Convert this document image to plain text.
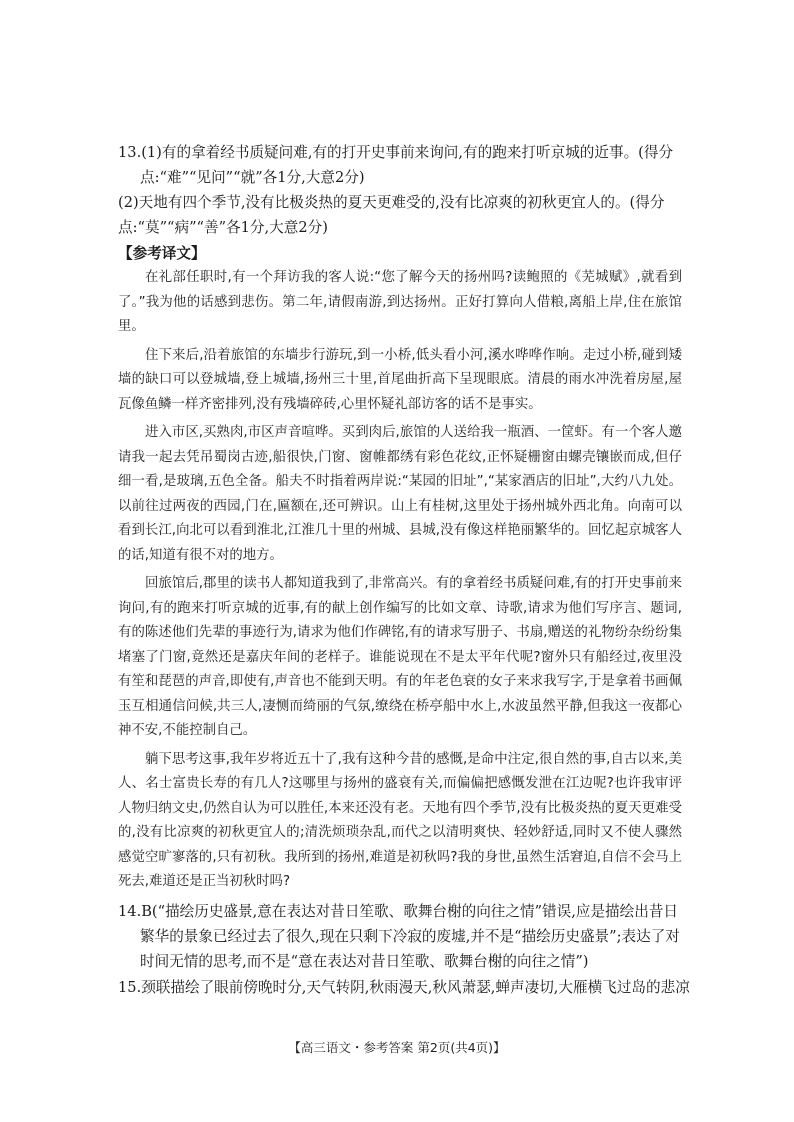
13.(1)有的拿着经书质疑问难,有的打开史事前来询问,有的跑来打听京城的近事。(得分点:“难”“见问”“就”各1分,大意2分)

(2)天地有四个季节,没有比极炎热的夏天更难受的,没有比凉爽的初秋更宜人的。(得分点:“莫”“病”“善”各1分,大意2分)

【参考译文】

在礼部任职时,有一个拜访我的客人说:“您了解今天的扬州吗?读鲍照的《芜城赋》,就看到了。”我为他的话感到悲伤。第二年,请假南游,到达扬州。正好打算向人借粮,离船上岸,住在旅馆里。

住下来后,沿着旅馆的东墙步行游玩,到一小桥,低头看小河,溪水哗哗作响。走过小桥,碰到矮墙的缺口可以登城墙,登上城墙,扬州三十里,首尾曲折高下呈现眼底。清晨的雨水冲洗着房屋,屋瓦像鱼鳞一样齐密排列,没有残墙碎砖,心里怀疑礼部访客的话不是事实。

进入市区,买熟肉,市区声音喧哗。买到肉后,旅馆的人送给我一瓶酒、一筐虾。有一个客人邀请我一起去凭吊蜀岗古迹,船很快,门窗、窗帷都绣有彩色花纹,正怀疑栅窗由螺壳镶嵌而成,但仔细一看,是玻璃,五色全备。船夫不时指着两岸说:“某园的旧址”,“某家酒店的旧址”,大约八九处。以前往过两夜的西园,门在,匾额在,还可辨识。山上有桂树,这里处于扬州城外西北角。向南可以看到长江,向北可以看到淮北,江淮几十里的州城、县城,没有像这样艳丽繁华的。回忆起京城客人的话,知道有很不对的地方。

回旅馆后,郡里的读书人都知道我到了,非常高兴。有的拿着经书质疑问难,有的打开史事前来询问,有的跑来打听京城的近事,有的献上创作编写的比如文章、诗歌,请求为他们写序言、题词,有的陈述他们先辈的事迹行为,请求为他们作碑铭,有的请求写册子、书扇,赠送的礼物纷杂纷纷集堵塞了门窗,竟然还是嘉庆年间的老样子。谁能说现在不是太平年代呢?窗外只有船经过,夜里没有笙和琵琶的声音,即使有,声音也不能到天明。有的年老色衰的女子来求我写字,于是拿着书画佩玉互相通信问候,共三人,凄恻而绮丽的气氛,缭绕在桥亭船中水上,水波虽然平静,但我这一夜都心神不安,不能控制自己。

躺下思考这事,我年岁将近五十了,我有这种今昔的感慨,是命中注定,很自然的事,自古以来,美人、名士富贵长寿的有几人?这哪里与扬州的盛衰有关,而偏偏把感慨发泄在江边呢?也许我审评人物归纳文史,仍然自认为可以胜任,本来还没有老。天地有四个季节,没有比极炎热的夏天更难受的,没有比凉爽的初秋更宜人的;清洗烦琐杂乱,而代之以清明爽快、轻妙舒适,同时又不使人骤然感觉空旷寥落的,只有初秋。我所到的扬州,难道是初秋吗?我的身世,虽然生活窘迫,自信不会马上死去,难道还是正当初秋时吗?

14.B(“描绘历史盛景,意在表达对昔日笙歌、歌舞台榭的向往之情”错误,应是描绘出昔日繁华的景象已经过去了很久,现在只剩下冷寂的废墟,并不是“描绘历史盛景”;表达了对时间无情的思考,而不是“意在表达对昔日笙歌、歌舞台榭的向往之情”)

15.颈联描绘了眼前傍晚时分,天气转阴,秋雨漫天,秋风萧瑟,蝉声凄切,大雁横飞过岛的悲凉

【高三语文・参考答案 第2页(共4页)】
